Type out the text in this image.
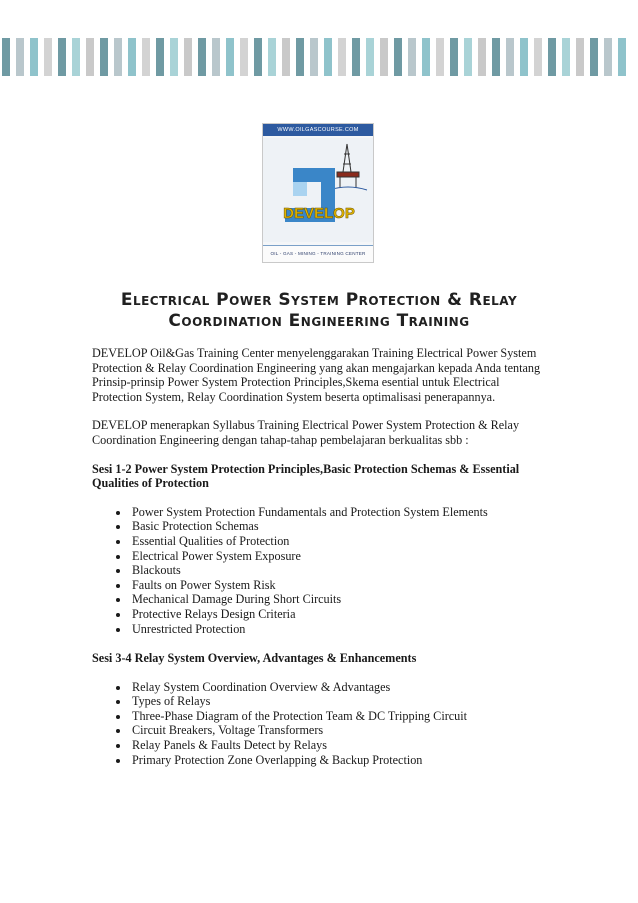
WWW.OILGASCOURSE.COM
DEVELOP
OIL - GAS - MINING - TRAINING CENTER
Electrical Power System Protection & Relay
Coordination Engineering Training

DEVELOP Oil&Gas Training Center menyelenggarakan Training Electrical Power System Protection & Relay Coordination Engineering yang akan mengajarkan kepada Anda tentang Prinsip-prinsip Power System Protection Principles,Skema esential untuk Electrical Protection System, Relay Coordination System beserta optimalisasi penerapannya.

DEVELOP menerapkan Syllabus Training Electrical Power System Protection & Relay Coordination Engineering dengan tahap-tahap pembelajaran berkualitas sbb :

Sesi 1-2 Power System Protection Principles,Basic Protection Schemas & Essential Qualities of Protection
• Power System Protection Fundamentals and Protection System Elements
• Basic Protection Schemas
• Essential Qualities of Protection
• Electrical Power System Exposure
• Blackouts
• Faults on Power System Risk
• Mechanical Damage During Short Circuits
• Protective Relays Design Criteria
• Unrestricted Protection
Sesi 3-4 Relay System Overview, Advantages & Enhancements
• Relay System Coordination Overview & Advantages
• Types of Relays
• Three-Phase Diagram of the Protection Team & DC Tripping Circuit
• Circuit Breakers, Voltage Transformers
• Relay Panels & Faults Detect by Relays
• Primary Protection Zone Overlapping & Backup Protection
